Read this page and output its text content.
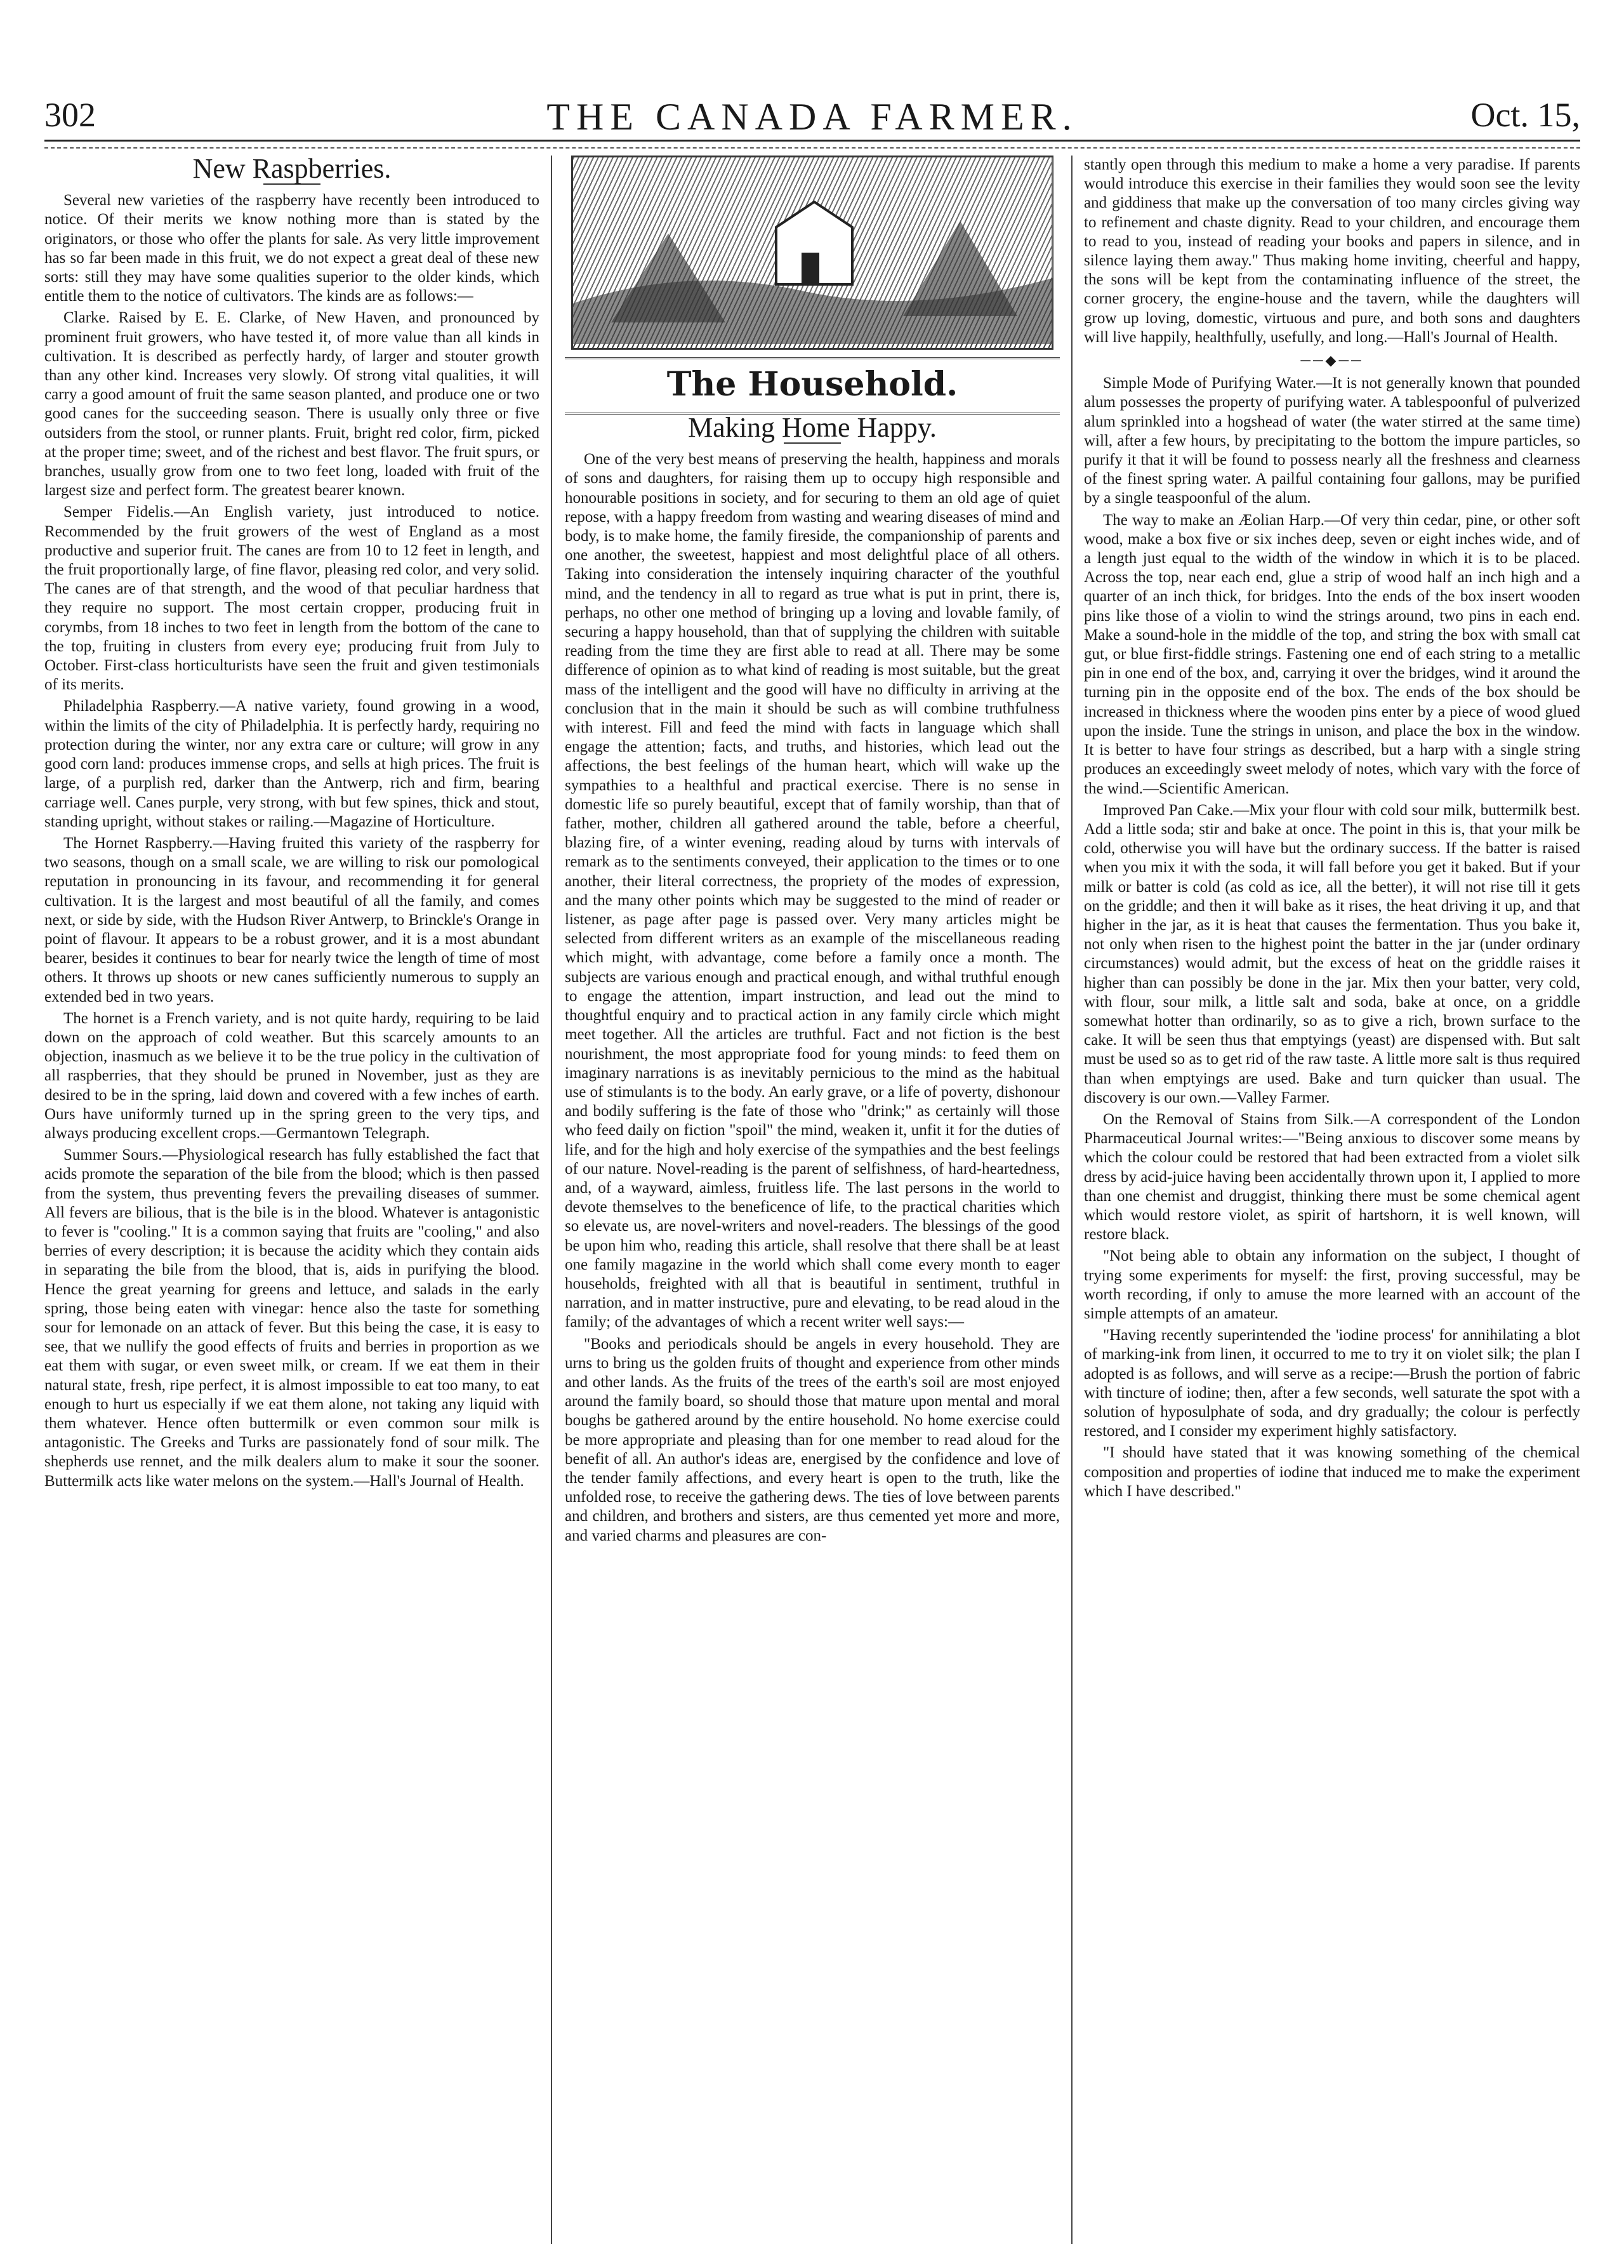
302	THE CANADA FARMER.	Oct. 15,
New Raspberries.

Several new varieties of the raspberry have recently been introduced to notice. Of their merits we know nothing more than is stated by the originators, or those who offer the plants for sale. As very little improvement has so far been made in this fruit, we do not expect a great deal of these new sorts: still they may have some qualities superior to the older kinds, which entitle them to the notice of cultivators. The kinds are as follows:—

Clarke. Raised by E. E. Clarke, of New Haven, and pronounced by prominent fruit growers, who have tested it, of more value than all kinds in cultivation. It is described as perfectly hardy, of larger and stouter growth than any other kind. Increases very slowly. Of strong vital qualities, it will carry a good amount of fruit the same season planted, and produce one or two good canes for the succeeding season. There is usually only three or five outsiders from the stool, or runner plants. Fruit, bright red color, firm, picked at the proper time; sweet, and of the richest and best flavor. The fruit spurs, or branches, usually grow from one to two feet long, loaded with fruit of the largest size and perfect form. The greatest bearer known.

Semper Fidelis.—An English variety, just introduced to notice. Recommended by the fruit growers of the west of England as a most productive and superior fruit. The canes are from 10 to 12 feet in length, and the fruit proportionally large, of fine flavor, pleasing red color, and very solid. The canes are of that strength, and the wood of that peculiar hardness that they require no support. The most certain cropper, producing fruit in corymbs, from 18 inches to two feet in length from the bottom of the cane to the top, fruiting in clusters from every eye; producing fruit from July to October. First-class horticulturists have seen the fruit and given testimonials of its merits.

Philadelphia Raspberry.—A native variety, found growing in a wood, within the limits of the city of Philadelphia. It is perfectly hardy, requiring no protection during the winter, nor any extra care or culture; will grow in any good corn land: produces immense crops, and sells at high prices. The fruit is large, of a purplish red, darker than the Antwerp, rich and firm, bearing carriage well. Canes purple, very strong, with but few spines, thick and stout, standing upright, without stakes or railing.—Magazine of Horticulture.

The Hornet Raspberry.—Having fruited this variety of the raspberry for two seasons, though on a small scale, we are willing to risk our pomological reputation in pronouncing in its favour, and recommending it for general cultivation. It is the largest and most beautiful of all the family, and comes next, or side by side, with the Hudson River Antwerp, to Brinckle's Orange in point of flavour. It appears to be a robust grower, and it is a most abundant bearer, besides it continues to bear for nearly twice the length of time of most others. It throws up shoots or new canes sufficiently numerous to supply an extended bed in two years.

The hornet is a French variety, and is not quite hardy, requiring to be laid down on the approach of cold weather. But this scarcely amounts to an objection, inasmuch as we believe it to be the true policy in the cultivation of all raspberries, that they should be pruned in November, just as they are desired to be in the spring, laid down and covered with a few inches of earth. Ours have uniformly turned up in the spring green to the very tips, and always producing excellent crops.—Germantown Telegraph.

Summer Sours.—Physiological research has fully established the fact that acids promote the separation of the bile from the blood; which is then passed from the system, thus preventing fevers the prevailing diseases of summer. All fevers are bilious, that is the bile is in the blood. Whatever is antagonistic to fever is "cooling." It is a common saying that fruits are "cooling," and also berries of every description; it is because the acidity which they contain aids in separating the bile from the blood, that is, aids in purifying the blood. Hence the great yearning for greens and lettuce, and salads in the early spring, those being eaten with vinegar: hence also the taste for something sour for lemonade on an attack of fever. But this being the case, it is easy to see, that we nullify the good effects of fruits and berries in proportion as we eat them with sugar, or even sweet milk, or cream. If we eat them in their natural state, fresh, ripe perfect, it is almost impossible to eat too many, to eat enough to hurt us especially if we eat them alone, not taking any liquid with them whatever. Hence often buttermilk or even common sour milk is antagonistic. The Greeks and Turks are passionately fond of sour milk. The shepherds use rennet, and the milk dealers alum to make it sour the sooner. Buttermilk acts like water melons on the system.—Hall's Journal of Health.

The Household.
Making Home Happy.

One of the very best means of preserving the health, happiness and morals of sons and daughters, for raising them up to occupy high responsible and honourable positions in society, and for securing to them an old age of quiet repose, with a happy freedom from wasting and wearing diseases of mind and body, is to make home, the family fireside, the companionship of parents and one another, the sweetest, happiest and most delightful place of all others. Taking into consideration the intensely inquiring character of the youthful mind, and the tendency in all to regard as true what is put in print, there is, perhaps, no other one method of bringing up a loving and lovable family, of securing a happy household, than that of supplying the children with suitable reading from the time they are first able to read at all. There may be some difference of opinion as to what kind of reading is most suitable, but the great mass of the intelligent and the good will have no difficulty in arriving at the conclusion that in the main it should be such as will combine truthfulness with interest. Fill and feed the mind with facts in language which shall engage the attention; facts, and truths, and histories, which lead out the affections, the best feelings of the human heart, which will wake up the sympathies to a healthful and practical exercise. There is no sense in domestic life so purely beautiful, except that of family worship, than that of father, mother, children all gathered around the table, before a cheerful, blazing fire, of a winter evening, reading aloud by turns with intervals of remark as to the sentiments conveyed, their application to the times or to one another, their literal correctness, the propriety of the modes of expression, and the many other points which may be suggested to the mind of reader or listener, as page after page is passed over. Very many articles might be selected from different writers as an example of the miscellaneous reading which might, with advantage, come before a family once a month. The subjects are various enough and practical enough, and withal truthful enough to engage the attention, impart instruction, and lead out the mind to thoughtful enquiry and to practical action in any family circle which might meet together. All the articles are truthful. Fact and not fiction is the best nourishment, the most appropriate food for young minds: to feed them on imaginary narrations is as inevitably pernicious to the mind as the habitual use of stimulants is to the body. An early grave, or a life of poverty, dishonour and bodily suffering is the fate of those who "drink;" as certainly will those who feed daily on fiction "spoil" the mind, weaken it, unfit it for the duties of life, and for the high and holy exercise of the sympathies and the best feelings of our nature. Novel-reading is the parent of selfishness, of hard-heartedness, and, of a wayward, aimless, fruitless life. The last persons in the world to devote themselves to the beneficence of life, to the practical charities which so elevate us, are novel-writers and novel-readers. The blessings of the good be upon him who, reading this article, shall resolve that there shall be at least one family magazine in the world which shall come every month to eager households, freighted with all that is beautiful in sentiment, truthful in narration, and in matter instructive, pure and elevating, to be read aloud in the family; of the advantages of which a recent writer well says:—

"Books and periodicals should be angels in every household. They are urns to bring us the golden fruits of thought and experience from other minds and other lands. As the fruits of the trees of the earth's soil are most enjoyed around the family board, so should those that mature upon mental and moral boughs be gathered around by the entire household. No home exercise could be more appropriate and pleasing than for one member to read aloud for the benefit of all. An author's ideas are, energised by the confidence and love of the tender family affections, and every heart is open to the truth, like the unfolded rose, to receive the gathering dews. The ties of love between parents and children, and brothers and sisters, are thus cemented yet more and more, and varied charms and pleasures are con-

stantly open through this medium to make a home a very paradise. If parents would introduce this exercise in their families they would soon see the levity and giddiness that make up the conversation of too many circles giving way to refinement and chaste dignity. Read to your children, and encourage them to read to you, instead of reading your books and papers in silence, and in silence laying them away." Thus making home inviting, cheerful and happy, the sons will be kept from the contaminating influence of the street, the corner grocery, the engine-house and the tavern, while the daughters will grow up loving, domestic, virtuous and pure, and both sons and daughters will live happily, healthfully, usefully, and long.—Hall's Journal of Health.

──◆──

Simple Mode of Purifying Water.—It is not generally known that pounded alum possesses the property of purifying water. A tablespoonful of pulverized alum sprinkled into a hogshead of water (the water stirred at the same time) will, after a few hours, by precipitating to the bottom the impure particles, so purify it that it will be found to possess nearly all the freshness and clearness of the finest spring water. A pailful containing four gallons, may be purified by a single teaspoonful of the alum.

The way to make an Æolian Harp.—Of very thin cedar, pine, or other soft wood, make a box five or six inches deep, seven or eight inches wide, and of a length just equal to the width of the window in which it is to be placed. Across the top, near each end, glue a strip of wood half an inch high and a quarter of an inch thick, for bridges. Into the ends of the box insert wooden pins like those of a violin to wind the strings around, two pins in each end. Make a sound-hole in the middle of the top, and string the box with small cat gut, or blue first-fiddle strings. Fastening one end of each string to a metallic pin in one end of the box, and, carrying it over the bridges, wind it around the turning pin in the opposite end of the box. The ends of the box should be increased in thickness where the wooden pins enter by a piece of wood glued upon the inside. Tune the strings in unison, and place the box in the window. It is better to have four strings as described, but a harp with a single string produces an exceedingly sweet melody of notes, which vary with the force of the wind.—Scientific American.

Improved Pan Cake.—Mix your flour with cold sour milk, buttermilk best. Add a little soda; stir and bake at once. The point in this is, that your milk be cold, otherwise you will have but the ordinary success. If the batter is raised when you mix it with the soda, it will fall before you get it baked. But if your milk or batter is cold (as cold as ice, all the better), it will not rise till it gets on the griddle; and then it will bake as it rises, the heat driving it up, and that higher in the jar, as it is heat that causes the fermentation. Thus you bake it, not only when risen to the highest point the batter in the jar (under ordinary circumstances) would admit, but the excess of heat on the griddle raises it higher than can possibly be done in the jar. Mix then your batter, very cold, with flour, sour milk, a little salt and soda, bake at once, on a griddle somewhat hotter than ordinarily, so as to give a rich, brown surface to the cake. It will be seen thus that emptyings (yeast) are dispensed with. But salt must be used so as to get rid of the raw taste. A little more salt is thus required than when emptyings are used. Bake and turn quicker than usual. The discovery is our own.—Valley Farmer.

On the Removal of Stains from Silk.—A correspondent of the London Pharmaceutical Journal writes:—"Being anxious to discover some means by which the colour could be restored that had been extracted from a violet silk dress by acid-juice having been accidentally thrown upon it, I applied to more than one chemist and druggist, thinking there must be some chemical agent which would restore violet, as spirit of hartshorn, it is well known, will restore black.

"Not being able to obtain any information on the subject, I thought of trying some experiments for myself: the first, proving successful, may be worth recording, if only to amuse the more learned with an account of the simple attempts of an amateur.

"Having recently superintended the 'iodine process' for annihilating a blot of marking-ink from linen, it occurred to me to try it on violet silk; the plan I adopted is as follows, and will serve as a recipe:—Brush the portion of fabric with tincture of iodine; then, after a few seconds, well saturate the spot with a solution of hyposulphate of soda, and dry gradually; the colour is perfectly restored, and I consider my experiment highly satisfactory.

"I should have stated that it was knowing something of the chemical composition and properties of iodine that induced me to make the experiment which I have described."
